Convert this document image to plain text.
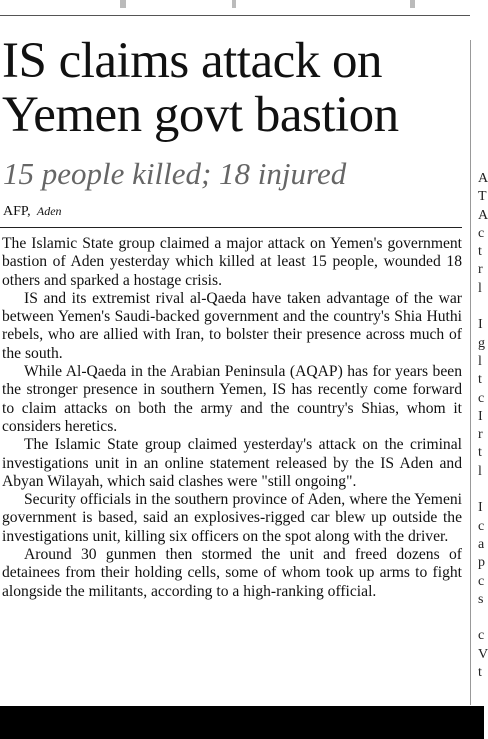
IS claims attack on Yemen govt bastion
15 people killed; 18 injured
AFP, Aden

The Islamic State group claimed a major attack on Yemen's government bastion of Aden yesterday which killed at least 15 people, wounded 18 others and sparked a hostage crisis.

IS and its extremist rival al-Qaeda have taken advantage of the war between Yemen's Saudi-backed government and the country's Shia Huthi rebels, who are allied with Iran, to bolster their presence across much of the south.

While Al-Qaeda in the Arabian Peninsula (AQAP) has for years been the stronger presence in southern Yemen, IS has recently come forward to claim attacks on both the army and the country's Shias, whom it considers heretics.

The Islamic State group claimed yesterday's attack on the criminal investigations unit in an online statement released by the IS Aden and Abyan Wilayah, which said clashes were "still ongoing".

Security officials in the southern province of Aden, where the Yemeni government is based, said an explosives-rigged car blew up outside the investigations unit, killing six officers on the spot along with the driver.

Around 30 gunmen then stormed the unit and freed dozens of detainees from their holding cells, some of whom took up arms to fight alongside the militants, according to a high-ranking official.

A
T
A
c
t
r
l
I
g
l
t
c
I
r
t
l
I
c
a
p
c
s
c
V
t
